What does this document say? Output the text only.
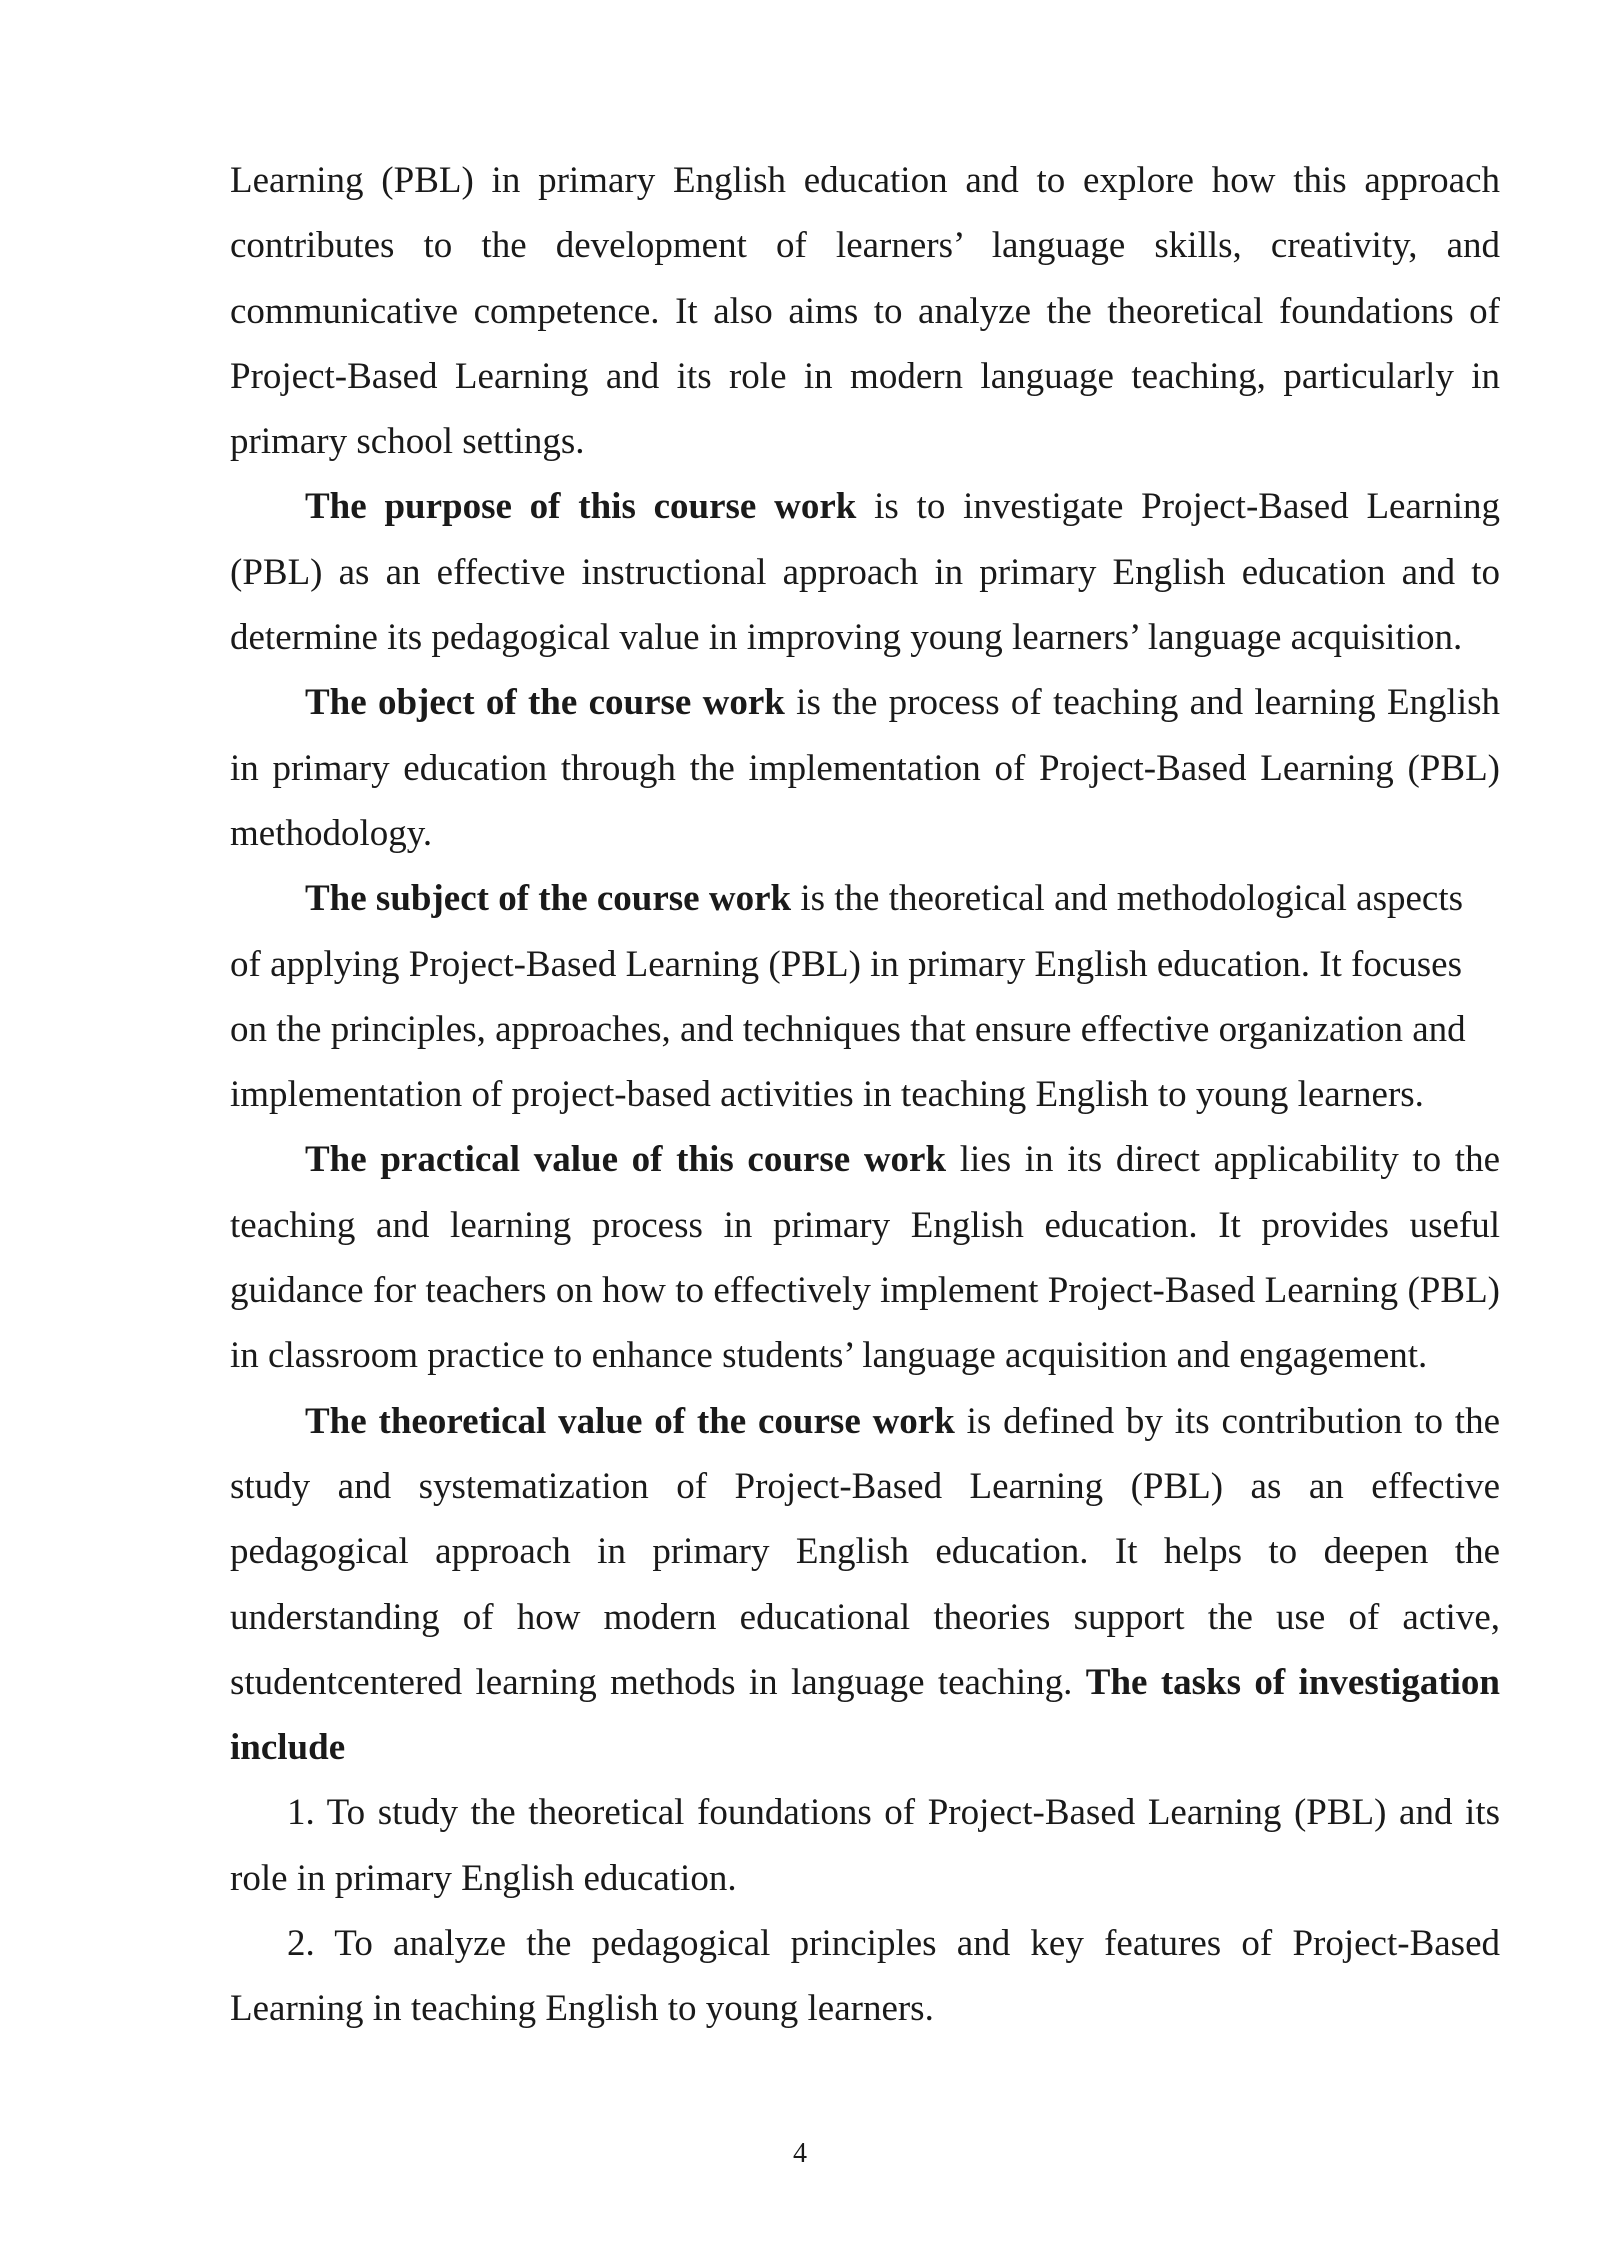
Learning (PBL) in primary English education and to explore how this approach contributes to the development of learners’ language skills, creativity, and communicative competence. It also aims to analyze the theoretical foundations of Project-Based Learning and its role in modern language teaching, particularly in primary school settings.

The purpose of this course work is to investigate Project-Based Learning (PBL) as an effective instructional approach in primary English education and to determine its pedagogical value in improving young learners’ language acquisition.

The object of the course work is the process of teaching and learning English in primary education through the implementation of Project-Based Learning (PBL) methodology.

The subject of the course work is the theoretical and methodological aspects of applying Project-Based Learning (PBL) in primary English education. It focuses on the principles, approaches, and techniques that ensure effective organization and implementation of project-based activities in teaching English to young learners.

The practical value of this course work lies in its direct applicability to the teaching and learning process in primary English education. It provides useful guidance for teachers on how to effectively implement Project-Based Learning (PBL) in classroom practice to enhance students’ language acquisition and engagement.

The theoretical value of the course work is defined by its contribution to the study and systematization of Project-Based Learning (PBL) as an effective pedagogical approach in primary English education. It helps to deepen the understanding of how modern educational theories support the use of active, studentcentered learning methods in language teaching. The tasks of investigation include

1. To study the theoretical foundations of Project-Based Learning (PBL) and its role in primary English education.

2. To analyze the pedagogical principles and key features of Project-Based Learning in teaching English to young learners.

4
